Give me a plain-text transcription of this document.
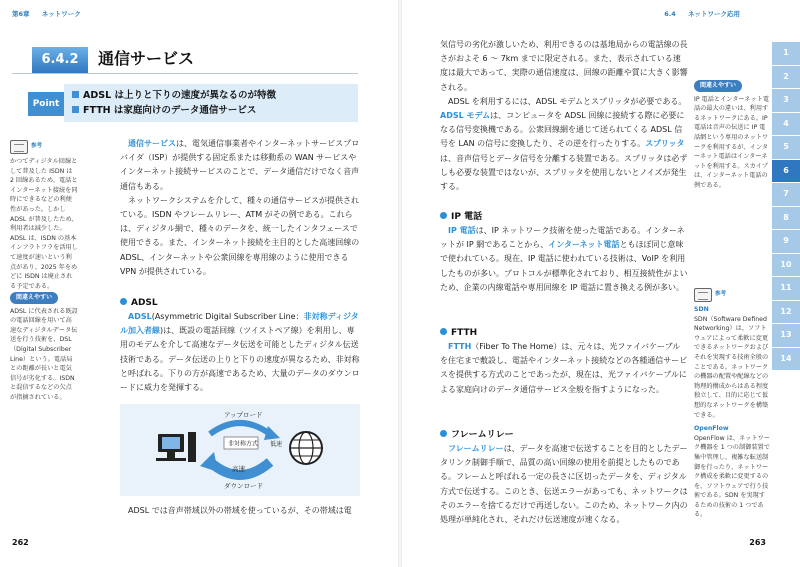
第6章 ネットワーク
6.4.2	通信サービス
Point
ADSL は上りと下りの速度が異なるのが特徴
FTTH は家庭向けのデータ通信サービス
参考
かつてディジタル回線として普及した ISDN は 2 回線あるため、電話とインターネット接続を同時にできるなどの利便性があった。しかし ADSL が普及したため、利用者は減少した。ADSL は、ISDN の基本インフラトフラを活用して速度が速いという利点があり、2025 年をめどに ISDN は廃止される予定である。
間違えやすい
ADSL に代表される既設の電話回線を用いて高速なディジタルデータ伝送を行う技術を、DSL（Digital Subscriber Line）という。電話局との距離が長いと電気信号が劣化する。ISDN と混信するなどの欠点が指摘されている。

通信サービスは、電気通信事業者やインターネットサービスプロバイダ（ISP）が提供する固定系または移動系の WAN サービスやインターネット接続サービスのことで、データ通信だけでなく音声通信もある。

ネットワークシステムを介して、種々の通信サービスが提供されている。ISDN やフレームリレー、ATM がその例である。これらは、ディジタル網で、種々のデータを、統一したインタフェースで使用できる。また、インターネット接続を主目的とした高速回線の ADSL、インターネットや公衆回線を専用線のように使用できる VPN が提供されている。

ADSL

ADSL(Asymmetric Digital Subscriber Line：非対称ディジタル加入者線)は、既設の電話回線（ツイストペア線）を利用し、専用のモデムを介して高速なデータ伝送を可能としたディジタル伝送技術である。データ伝送の上りと下りの速度が異なるため、非対称と呼ばれる。下りの方が高速であるため、大量のデータのダウンロードに威力を発揮する。

アップロード
非対称方式 低速
高速
ダウンロード
ADSL では音声帯域以外の帯域を使っているが、その帯域は電
262
6.4 ネットワーク応用
気信号の劣化が激しいため、利用できるのは基地局からの電話線の長さがおよそ 6 〜 7km までに限定される。また、表示されている速度は最大であって、実際の通信速度は、回線の距離や質に大きく影響される。

ADSL を利用するには、ADSL モデムとスプリッタが必要である。ADSL モデムは、コンピュータを ADSL 回線に接続する際に必要になる信号変換機である。公衆回線網を通じて送られてくる ADSL 信号を LAN の信号に変換したり、その逆を行ったりする。スプリッタは、音声信号とデータ信号を分離する装置である。スプリッタは必ずしも必要な装置ではないが、スプリッタを使用しないとノイズが発生する。

IP 電話

IP 電話は、IP ネットワーク技術を使った電話である。インターネットが IP 網であることから、インターネット電話ともほぼ同じ意味で使われている。現在、IP 電話に使われている技術は、VoIP を利用したものが多い。プロトコルが標準化されており、相互接続性がよいため、企業の内線電話や専用回線を IP 電話に置き換える例が多い。

FTTH

FTTH（Fiber To The Home）は、元々は、光ファイバケーブルを住宅まで敷設し、電話やインターネット接続などの各種通信サービスを提供する方式のことであったが、現在は、光ファイバケーブルによる家庭向けのデータ通信サービス全般を指すようになった。

フレームリレー

フレームリレーは、データを高速で伝送することを目的としたデータリンク制御手順で、品質の高い回線の使用を前提としたものである。フレームと呼ばれる一定の長さに区切ったデータを、ディジタル方式で伝送する。このとき、伝送エラーがあっても、ネットワークはそのエラーを捨てるだけで再送しない。このため、ネットワーク内の処理が単純化され、それだけ伝送速度が速くなる。

間違えやすい
IP 電話とインターネット電話の最大の違いは、利用するネットワークにある。IP 電話は音声の伝送に IP 電話網という専用のネットワークを利用するが、インターネット電話はインターネットを利用する。スカイプは、インターネット電話の例である。
参考
SDN
SDN（Software Defined Networking）は、ソフトウェアによって柔軟に変更できるネットワークおよびそれを実現する技術全般のことである。ネットワークの機器の配置や配線などの物理的構成からはある程度独立して、目的に応じて仮想的なネットワークを構築できる。
OpenFlow
OpenFlow は、ネットワーク機器を 1 つの制御装置で集中管理し、複雑な転送制御を行ったり、ネットワーク構成を柔軟に変更するのを、ソフトウェアで行う技術である。SDN を実現するための技術の 1 つである。
1
2
3
4
5
6
7
8
9
10
11
12
13
14
263
